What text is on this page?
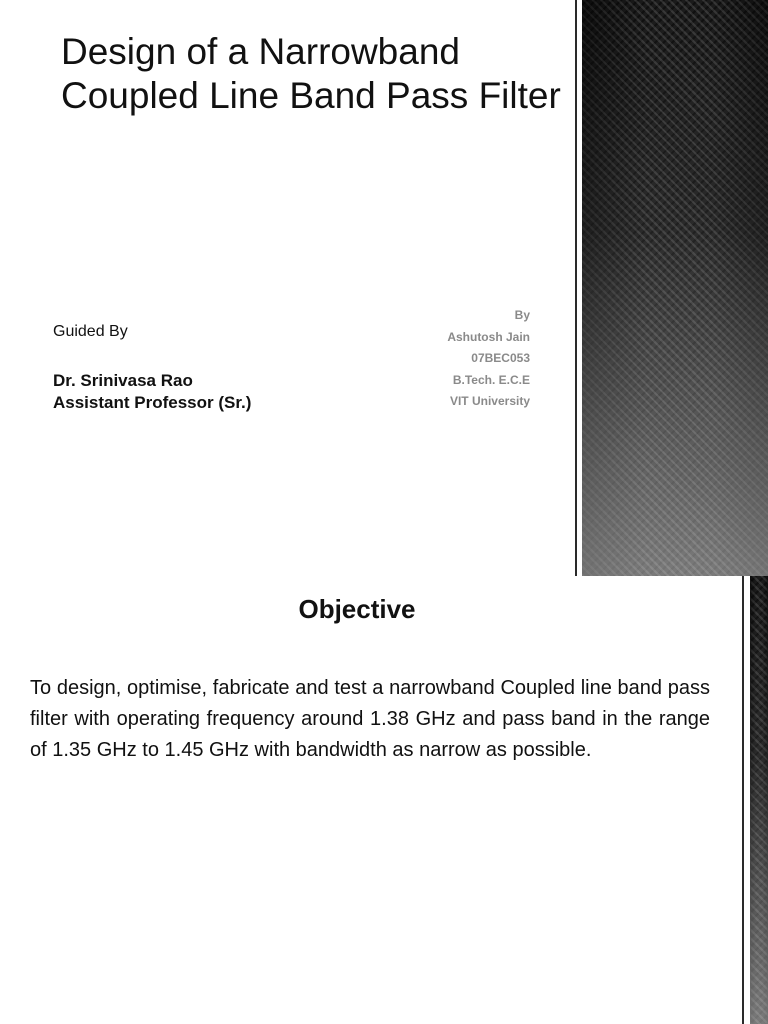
Design of a Narrowband Coupled Line Band Pass Filter
Guided By
Dr. Srinivasa Rao
Assistant Professor (Sr.)
By
Ashutosh Jain
07BEC053
B.Tech. E.C.E
VIT University
Objective

To design, optimise, fabricate and test a narrowband Coupled line band pass filter with operating frequency around 1.38 GHz and pass band in the range of 1.35 GHz to 1.45 GHz with bandwidth as narrow as possible.
